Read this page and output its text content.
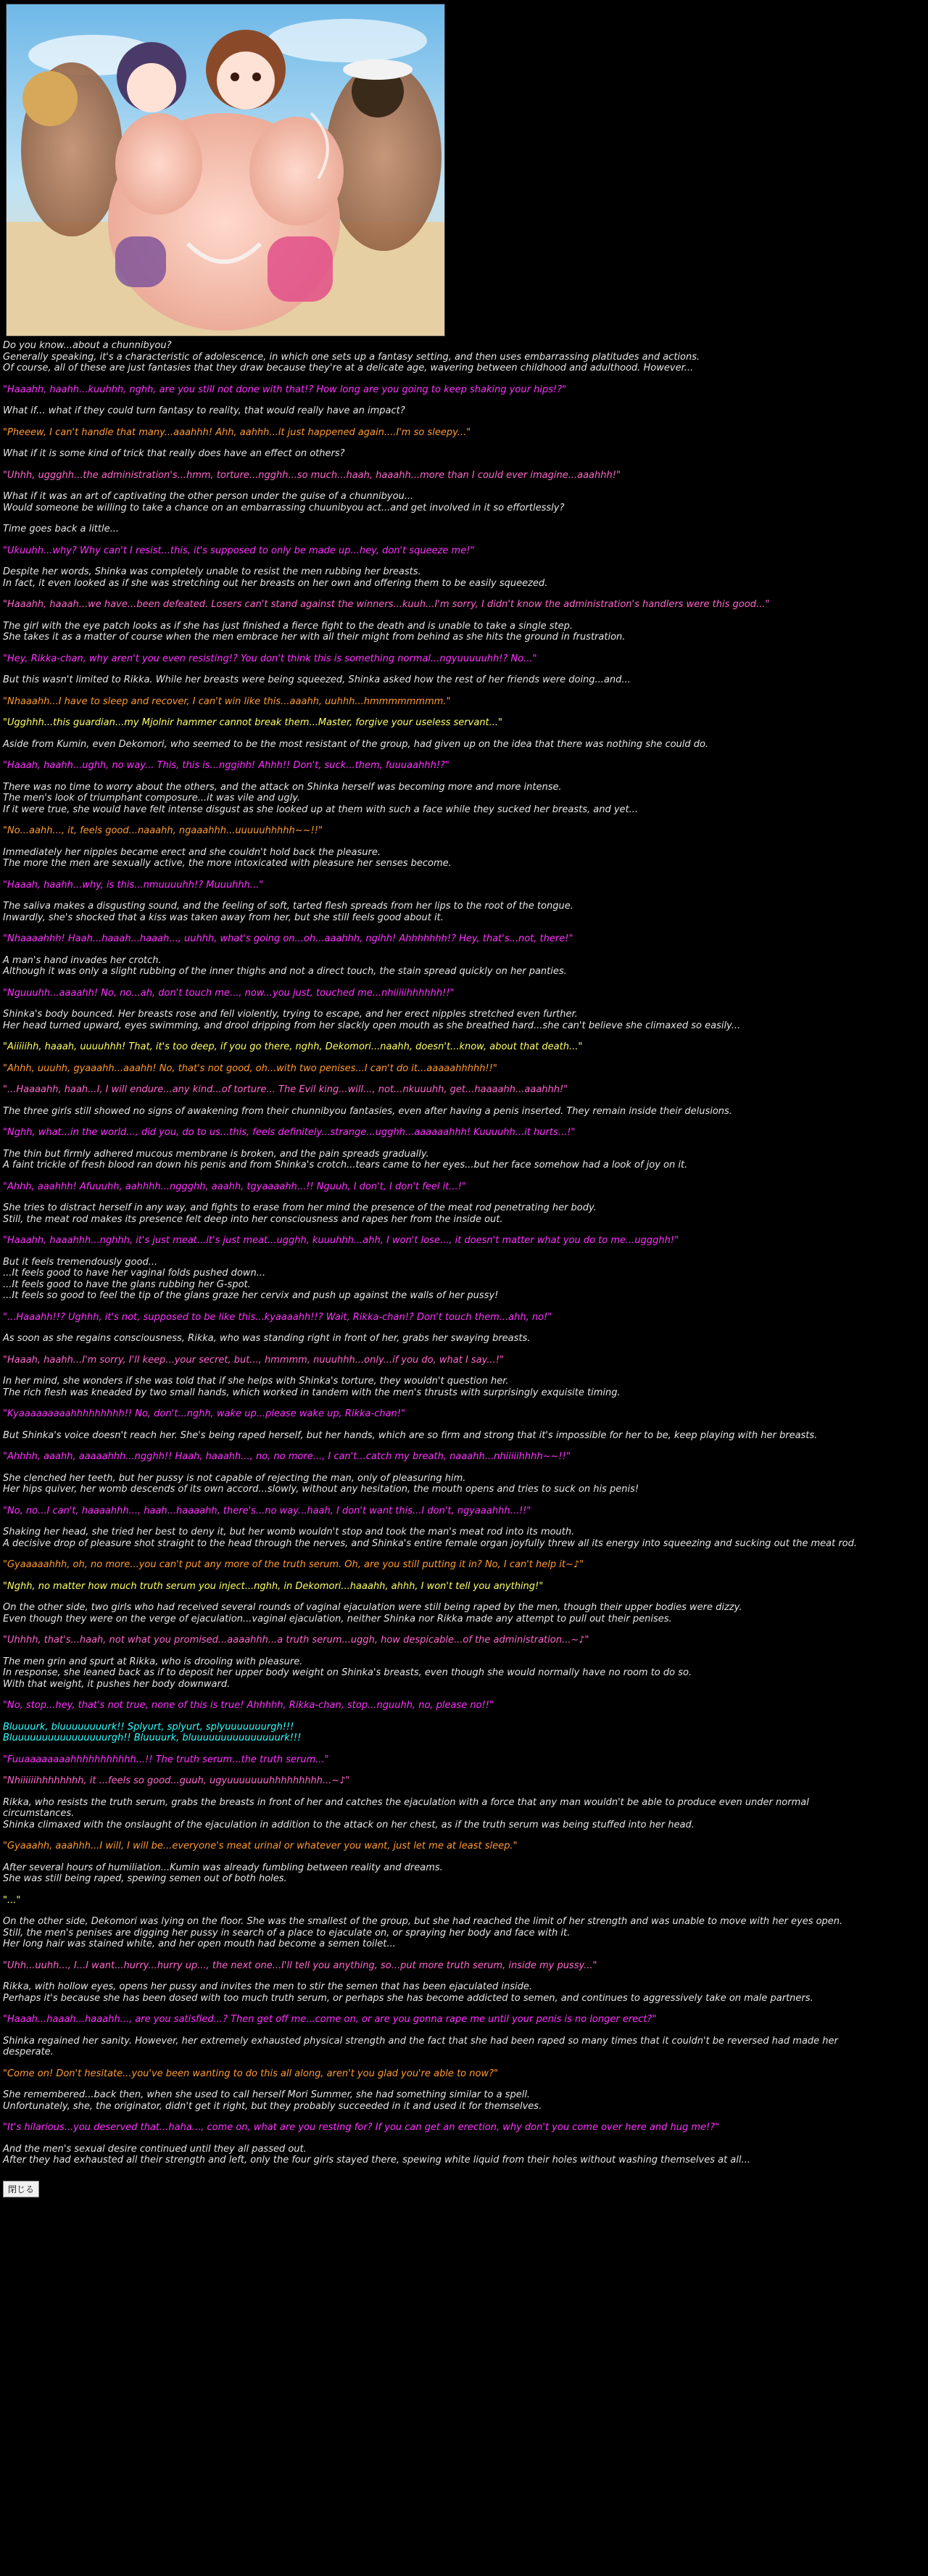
Do you know...about a chunnibyou?
Generally speaking, it's a characteristic of adolescence, in which one sets up a fantasy setting, and then uses embarrassing platitudes and actions.
Of course, all of these are just fantasies that they draw because they're at a delicate age, wavering between childhood and adulthood. However...
"Haaahh, haahh...kuuhhh, nghh, are you still not done with that!? How long are you going to keep shaking your hips!?"
What if... what if they could turn fantasy to reality, that would really have an impact?
"Pheeew, I can't handle that many...aaahhh! Ahh, aahhh...it just happened again....I'm so sleepy..."
What if it is some kind of trick that really does have an effect on others?
"Uhhh, uggghh...the administration's...hmm, torture...ngghh...so much...haah, haaahh...more than I could ever imagine...aaahhh!"
What if it was an art of captivating the other person under the guise of a chunnibyou...
Would someone be willing to take a chance on an embarrassing chuunibyou act...and get involved in it so effortlessly?
Time goes back a little...
"Ukuuhh...why? Why can't I resist...this, it's supposed to only be made up...hey, don't squeeze me!"
Despite her words, Shinka was completely unable to resist the men rubbing her breasts.
In fact, it even looked as if she was stretching out her breasts on her own and offering them to be easily squeezed.
"Haaahh, haaah...we have...been defeated. Losers can't stand against the winners...kuuh...I'm sorry, I didn't know the administration's handlers were this good..."
The girl with the eye patch looks as if she has just finished a fierce fight to the death and is unable to take a single step.
She takes it as a matter of course when the men embrace her with all their might from behind as she hits the ground in frustration.
"Hey, Rikka-chan, why aren't you even resisting!? You don't think this is something normal...ngyuuuuuhh!? No..."
But this wasn't limited to Rikka. While her breasts were being squeezed, Shinka asked how the rest of her friends were doing...and...
"Nhaaahh...I have to sleep and recover, I can't win like this...aaahh, uuhhh...hmmmmmmmm."
"Ugghhh...this guardian...my Mjolnir hammer cannot break them...Master, forgive your useless servant..."
Aside from Kumin, even Dekomori, who seemed to be the most resistant of the group, had given up on the idea that there was nothing she could do.
"Haaah, haahh...ughh, no way... This, this is...nggihh! Ahhh!! Don't, suck...them, fuuuaahhh!?"
There was no time to worry about the others, and the attack on Shinka herself was becoming more and more intense.
The men's look of triumphant composure...it was vile and ugly.
If it were true, she would have felt intense disgust as she looked up at them with such a face while they sucked her breasts, and yet...
"No...aahh..., it, feels good...naaahh, ngaaahhh...uuuuuhhhhh~~!!"
Immediately her nipples became erect and she couldn't hold back the pleasure.
The more the men are sexually active, the more intoxicated with pleasure her senses become.
"Haaah, haahh...why, is this...nmuuuuhh!? Muuuhhh..."
The saliva makes a disgusting sound, and the feeling of soft, tarted flesh spreads from her lips to the root of the tongue.
Inwardly, she's shocked that a kiss was taken away from her, but she still feels good about it.
"Nhaaaahhh! Haah...haaah...haaah..., uuhhh, what's going on...oh...aaahhh, ngihh! Ahhhhhhh!? Hey, that's...not, there!"
A man's hand invades her crotch.
Although it was only a slight rubbing of the inner thighs and not a direct touch, the stain spread quickly on her panties.
"Nguuuhh...aaaahh! No, no...ah, don't touch me..., now...you just, touched me...nhiiiiihhhhhh!!"
Shinka's body bounced. Her breasts rose and fell violently, trying to escape, and her erect nipples stretched even further.
Her head turned upward, eyes swimming, and drool dripping from her slackly open mouth as she breathed hard...she can't believe she climaxed so easily...
"Aiiiiihh, haaah, uuuuhhh! That, it's too deep, if you go there, nghh, Dekomori...naahh, doesn't...know, about that death..."
"Ahhh, uuuhh, gyaaahh...aaahh! No, that's not good, oh...with two penises...I can't do it...aaaaahhhhh!!"
"...Haaaahh, haah...I, I will endure...any kind...of torture... The Evil king...will..., not...nkuuuhh, get...haaaahh...aaahhh!"
The three girls still showed no signs of awakening from their chunnibyou fantasies, even after having a penis inserted. They remain inside their delusions.
"Nghh, what...in the world..., did you, do to us...this, feels definitely...strange...ugghh...aaaaaahhh! Kuuuuhh...it hurts...!"
The thin but firmly adhered mucous membrane is broken, and the pain spreads gradually.
A faint trickle of fresh blood ran down his penis and from Shinka's crotch...tears came to her eyes...but her face somehow had a look of joy on it.
"Ahhh, aaahhh! Afuuuhh, aahhhh...nggghh, aaahh, tgyaaaahh...!! Nguuh, I don't, I don't feel it...!"
She tries to distract herself in any way, and fights to erase from her mind the presence of the meat rod penetrating her body.
Still, the meat rod makes its presence felt deep into her consciousness and rapes her from the inside out.
"Haaahh, haaahhh...nghhh, it's just meat...it's just meat...ugghh, kuuuhhh...ahh, I won't lose..., it doesn't matter what you do to me...uggghh!"
But it feels tremendously good...
...It feels good to have her vaginal folds pushed down...
...It feels good to have the glans rubbing her G-spot.
...It feels so good to feel the tip of the glans graze her cervix and push up against the walls of her pussy!
"...Haaahh!!? Ughhh, it's not, supposed to be like this...kyaaaahh!!? Wait, Rikka-chan!? Don't touch them...ahh, no!"
As soon as she regains consciousness, Rikka, who was standing right in front of her, grabs her swaying breasts.
"Haaah, haahh...I'm sorry, I'll keep...your secret, but..., hmmmm, nuuuhhh...only...if you do, what I say...!"
In her mind, she wonders if she was told that if she helps with Shinka's torture, they wouldn't question her.
The rich flesh was kneaded by two small hands, which worked in tandem with the men's thrusts with surprisingly exquisite timing.
"Kyaaaaaaaaahhhhhhhhh!! No, don't...nghh, wake up...please wake up, Rikka-chan!"
But Shinka's voice doesn't reach her. She's being raped herself, but her hands, which are so firm and strong that it's impossible for her to be, keep playing with her breasts.
"Ahhhh, aaahh, aaaaahhh...ngghh!! Haah, haaahh..., no, no more..., I can't...catch my breath, naaahh...nhiiiiihhhh~~!!"
She clenched her teeth, but her pussy is not capable of rejecting the man, only of pleasuring him.
Her hips quiver, her womb descends of its own accord...slowly, without any hesitation, the mouth opens and tries to suck on his penis!
"No, no...I can't, haaaahhh..., haah...haaaahh, there's...no way...haah, I don't want this...I don't, ngyaaahhh...!!"
Shaking her head, she tried her best to deny it, but her womb wouldn't stop and took the man's meat rod into its mouth.
A decisive drop of pleasure shot straight to the head through the nerves, and Shinka's entire female organ joyfully threw all its energy into squeezing and sucking out the meat rod.
"Gyaaaaahhh, oh, no more...you can't put any more of the truth serum. Oh, are you still putting it in? No, I can't help it~♪"
"Nghh, no matter how much truth serum you inject...nghh, in Dekomori...haaahh, ahhh, I won't tell you anything!"
On the other side, two girls who had received several rounds of vaginal ejaculation were still being raped by the men, though their upper bodies were dizzy.
Even though they were on the verge of ejaculation...vaginal ejaculation, neither Shinka nor Rikka made any attempt to pull out their penises.
"Uhhhh, that's...haah, not what you promised...aaaahhh...a truth serum...uggh, how despicable...of the administration...~♪"
The men grin and spurt at Rikka, who is drooling with pleasure.
In response, she leaned back as if to deposit her upper body weight on Shinka's breasts, even though she would normally have no room to do so.
With that weight, it pushes her body downward.
"No, stop...hey, that's not true, none of this is true! Ahhhhh, Rikka-chan, stop...nguuhh, no, please no!!"
Bluuuurk, bluuuuuuuurk!! Splyurt, splyurt, splyuuuuuuurgh!!!
Bluuuuuuuuuuuuuuuurgh!! Bluuuurk, bluuuuuuuuuuuuuuurk!!!
"Fuuaaaaaaaahhhhhhhhhhh...!! The truth serum...the truth serum..."
"Nhiiiiiihhhhhhhh, it ...feels so good...guuh, ugyuuuuuuuhhhhhhhhh...~♪"
Rikka, who resists the truth serum, grabs the breasts in front of her and catches the ejaculation with a force that any man wouldn't be able to produce even under normal circumstances.
Shinka climaxed with the onslaught of the ejaculation in addition to the attack on her chest, as if the truth serum was being stuffed into her head.
"Gyaaahh, aaahhh...I will, I will be...everyone's meat urinal or whatever you want, just let me at least sleep."
After several hours of humiliation...Kumin was already fumbling between reality and dreams.
She was still being raped, spewing semen out of both holes.
"..."
On the other side, Dekomori was lying on the floor. She was the smallest of the group, but she had reached the limit of her strength and was unable to move with her eyes open.
Still, the men's penises are digging her pussy in search of a place to ejaculate on, or spraying her body and face with it.
Her long hair was stained white, and her open mouth had become a semen toilet...
"Uhh...uuhh..., I...I want...hurry...hurry up..., the next one...I'll tell you anything, so...put more truth serum, inside my pussy..."
Rikka, with hollow eyes, opens her pussy and invites the men to stir the semen that has been ejaculated inside.
Perhaps it's because she has been dosed with too much truth serum, or perhaps she has become addicted to semen, and continues to aggressively take on male partners.
"Haaah...haaah...haaahh..., are you satisfied...? Then get off me...come on, or are you gonna rape me until your penis is no longer erect?"
Shinka regained her sanity. However, her extremely exhausted physical strength and the fact that she had been raped so many times that it couldn't be reversed had made her desperate.
"Come on! Don't hesitate...you've been wanting to do this all along, aren't you glad you're able to now?"
She remembered...back then, when she used to call herself Mori Summer, she had something similar to a spell.
Unfortunately, she, the originator, didn't get it right, but they probably succeeded in it and used it for themselves.
"It's hilarious...you deserved that...haha..., come on, what are you resting for? If you can get an erection, why don't you come over here and hug me!?"
And the men's sexual desire continued until they all passed out.
After they had exhausted all their strength and left, only the four girls stayed there, spewing white liquid from their holes without washing themselves at all...
閉じる
